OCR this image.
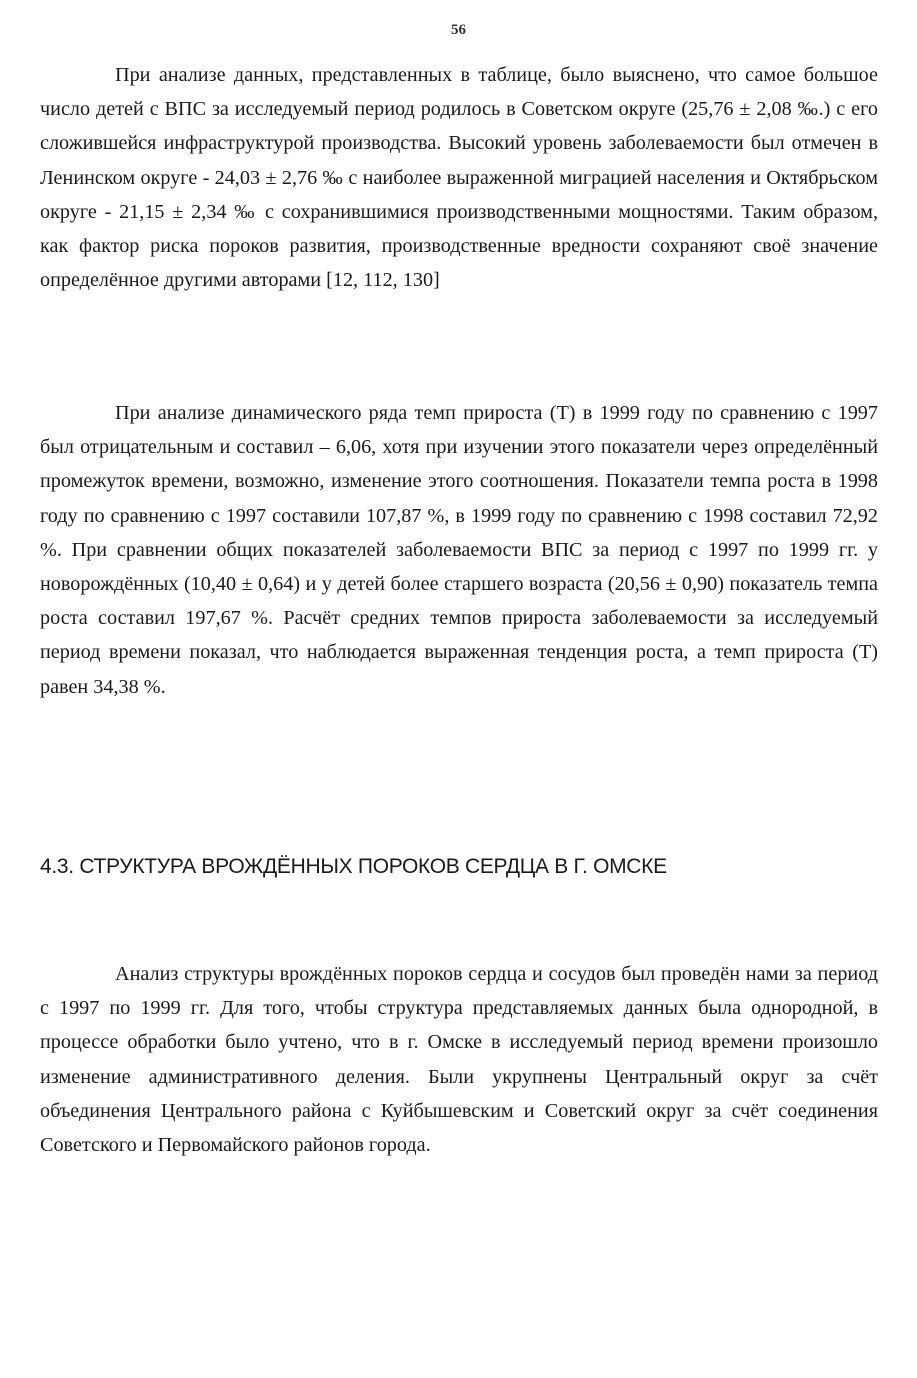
56

При анализе данных, представленных в таблице, было выяснено, что самое большое число детей с ВПС за исследуемый период родилось в Советском округе (25,76 ± 2,08 ‰.) с его сложившейся инфраструктурой производства. Высокий уровень заболеваемости был отмечен в Ленинском округе - 24,03 ± 2,76 ‰ с наиболее выраженной миграцией населения и Октябрьском округе - 21,15 ± 2,34 ‰ с сохранившимися производственными мощностями. Таким образом, как фактор риска пороков развития, производственные вредности сохраняют своё значение определённое другими авторами [12, 112, 130]

При анализе динамического ряда темп прироста (Т) в 1999 году по сравнению с 1997 был отрицательным и составил – 6,06, хотя при изучении этого показатели через определённый промежуток времени, возможно, изменение этого соотношения. Показатели темпа роста в 1998 году по сравнению с 1997 составили 107,87 %, в 1999 году по сравнению с 1998 составил 72,92 %. При сравнении общих показателей заболеваемости ВПС за период с 1997 по 1999 гг. у новорождённых (10,40 ± 0,64) и у детей более старшего возраста (20,56 ± 0,90) показатель темпа роста составил 197,67 %. Расчёт средних темпов прироста заболеваемости за исследуемый период времени показал, что наблюдается выраженная тенденция роста, а темп прироста (Т) равен 34,38 %.

4.3. СТРУКТУРА ВРОЖДЁННЫХ ПОРОКОВ СЕРДЦА В Г. ОМСКЕ

Анализ структуры врождённых пороков сердца и сосудов был проведён нами за период с 1997 по 1999 гг. Для того, чтобы структура представляемых данных была однородной, в процессе обработки было учтено, что в г. Омске в исследуемый период времени произошло изменение административного деления. Были укрупнены Центральный округ за счёт объединения Центрального района с Куйбышевским и Советский округ за счёт соединения Советского и Первомайского районов города.
